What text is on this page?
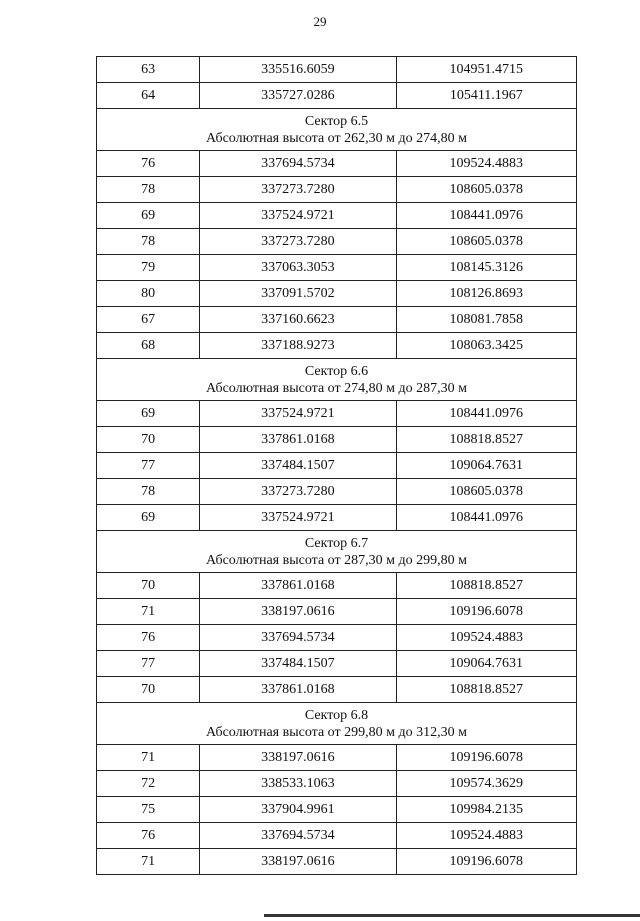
29
63	335516.6059	104951.4715
64	335727.0286	105411.1967

Сектор 6.5
Абсолютная высота от 262,30 м до 274,80 м		

76	337694.5734	109524.4883
78	337273.7280	108605.0378
69	337524.9721	108441.0976
78	337273.7280	108605.0378
79	337063.3053	108145.3126
80	337091.5702	108126.8693
67	337160.6623	108081.7858
68	337188.9273	108063.3425

Сектор 6.6
Абсолютная высота от 274,80 м до 287,30 м		

69	337524.9721	108441.0976
70	337861.0168	108818.8527
77	337484.1507	109064.7631
78	337273.7280	108605.0378
69	337524.9721	108441.0976

Сектор 6.7
Абсолютная высота от 287,30 м до 299,80 м		

70	337861.0168	108818.8527
71	338197.0616	109196.6078
76	337694.5734	109524.4883
77	337484.1507	109064.7631
70	337861.0168	108818.8527

Сектор 6.8
Абсолютная высота от 299,80 м до 312,30 м		

71	338197.0616	109196.6078
72	338533.1063	109574.3629
75	337904.9961	109984.2135
76	337694.5734	109524.4883
71	338197.0616	109196.6078
